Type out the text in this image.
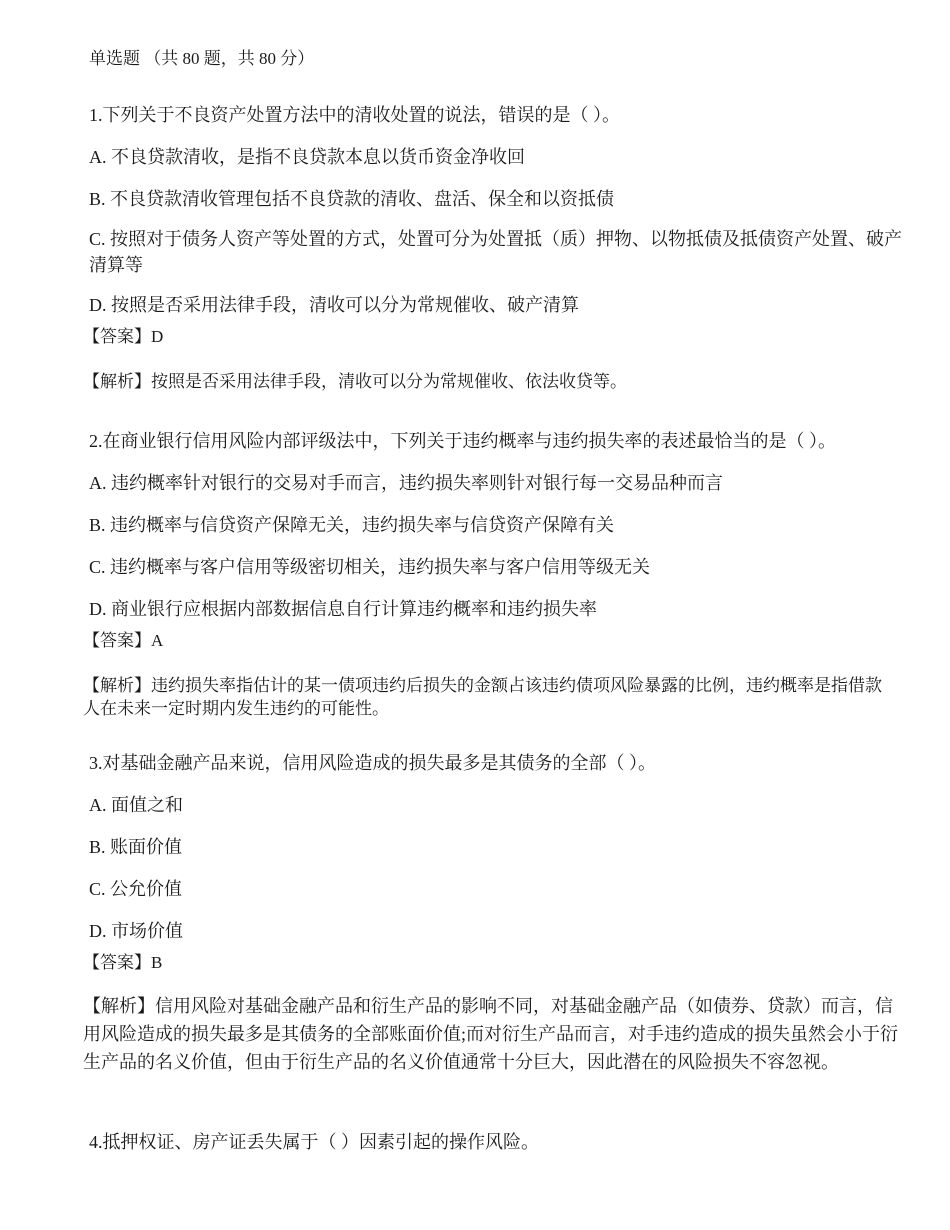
单选题 （共 80 题，共 80 分）
1.下列关于不良资产处置方法中的清收处置的说法，错误的是（ ）。
A. 不良贷款清收，是指不良贷款本息以货币资金净收回
B. 不良贷款清收管理包括不良贷款的清收、盘活、保全和以资抵债
C. 按照对于债务人资产等处置的方式，处置可分为处置抵（质）押物、以物抵债及抵债资产处置、破产清算等
D. 按照是否采用法律手段，清收可以分为常规催收、破产清算
【答案】D
【解析】按照是否采用法律手段，清收可以分为常规催收、依法收贷等。
2.在商业银行信用风险内部评级法中，下列关于违约概率与违约损失率的表述最恰当的是（ ）。
A. 违约概率针对银行的交易对手而言，违约损失率则针对银行每一交易品种而言
B. 违约概率与信贷资产保障无关，违约损失率与信贷资产保障有关
C. 违约概率与客户信用等级密切相关，违约损失率与客户信用等级无关
D. 商业银行应根据内部数据信息自行计算违约概率和违约损失率
【答案】A
【解析】违约损失率指估计的某一债项违约后损失的金额占该违约债项风险暴露的比例，违约概率是指借款人在未来一定时期内发生违约的可能性。
3.对基础金融产品来说，信用风险造成的损失最多是其债务的全部（ ）。
A. 面值之和
B. 账面价值
C. 公允价值
D. 市场价值
【答案】B
【解析】信用风险对基础金融产品和衍生产品的影响不同，对基础金融产品（如债券、贷款）而言，信用风险造成的损失最多是其债务的全部账面价值;而对衍生产品而言，对手违约造成的损失虽然会小于衍生产品的名义价值，但由于衍生产品的名义价值通常十分巨大，因此潜在的风险损失不容忽视。
4.抵押权证、房产证丢失属于（ ）因素引起的操作风险。
